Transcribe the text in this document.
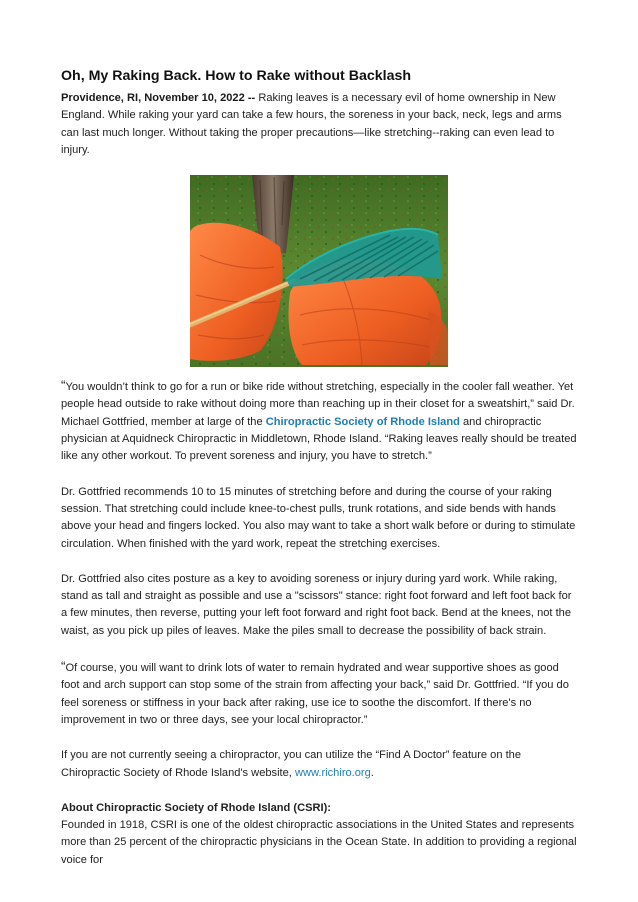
Oh, My Raking Back. How to Rake without Backlash

Providence, RI, November 10, 2022 -- Raking leaves is a necessary evil of home ownership in New England. While raking your yard can take a few hours, the soreness in your back, neck, legs and arms can last much longer. Without taking the proper precautions—like stretching--raking can even lead to injury.

“You wouldn’t think to go for a run or bike ride without stretching, especially in the cooler fall weather. Yet people head outside to rake without doing more than reaching up in their closet for a sweatshirt,” said Dr. Michael Gottfried, member at large of the Chiropractic Society of Rhode Island and chiropractic physician at Aquidneck Chiropractic in Middletown, Rhode Island. “Raking leaves really should be treated like any other workout. To prevent soreness and injury, you have to stretch.”

Dr. Gottfried recommends 10 to 15 minutes of stretching before and during the course of your raking session. That stretching could include knee-to-chest pulls, trunk rotations, and side bends with hands above your head and fingers locked. You also may want to take a short walk before or during to stimulate circulation. When finished with the yard work, repeat the stretching exercises.

Dr. Gottfried also cites posture as a key to avoiding soreness or injury during yard work. While raking, stand as tall and straight as possible and use a "scissors" stance: right foot forward and left foot back for a few minutes, then reverse, putting your left foot forward and right foot back. Bend at the knees, not the waist, as you pick up piles of leaves. Make the piles small to decrease the possibility of back strain.

“Of course, you will want to drink lots of water to remain hydrated and wear supportive shoes as good foot and arch support can stop some of the strain from affecting your back,” said Dr. Gottfried. “If you do feel soreness or stiffness in your back after raking, use ice to soothe the discomfort. If there's no improvement in two or three days, see your local chiropractor.”

If you are not currently seeing a chiropractor, you can utilize the “Find A Doctor” feature on the Chiropractic Society of Rhode Island's website, www.richiro.org.

About Chiropractic Society of Rhode Island (CSRI):

Founded in 1918, CSRI is one of the oldest chiropractic associations in the United States and represents more than 25 percent of the chiropractic physicians in the Ocean State. In addition to providing a regional voice for
